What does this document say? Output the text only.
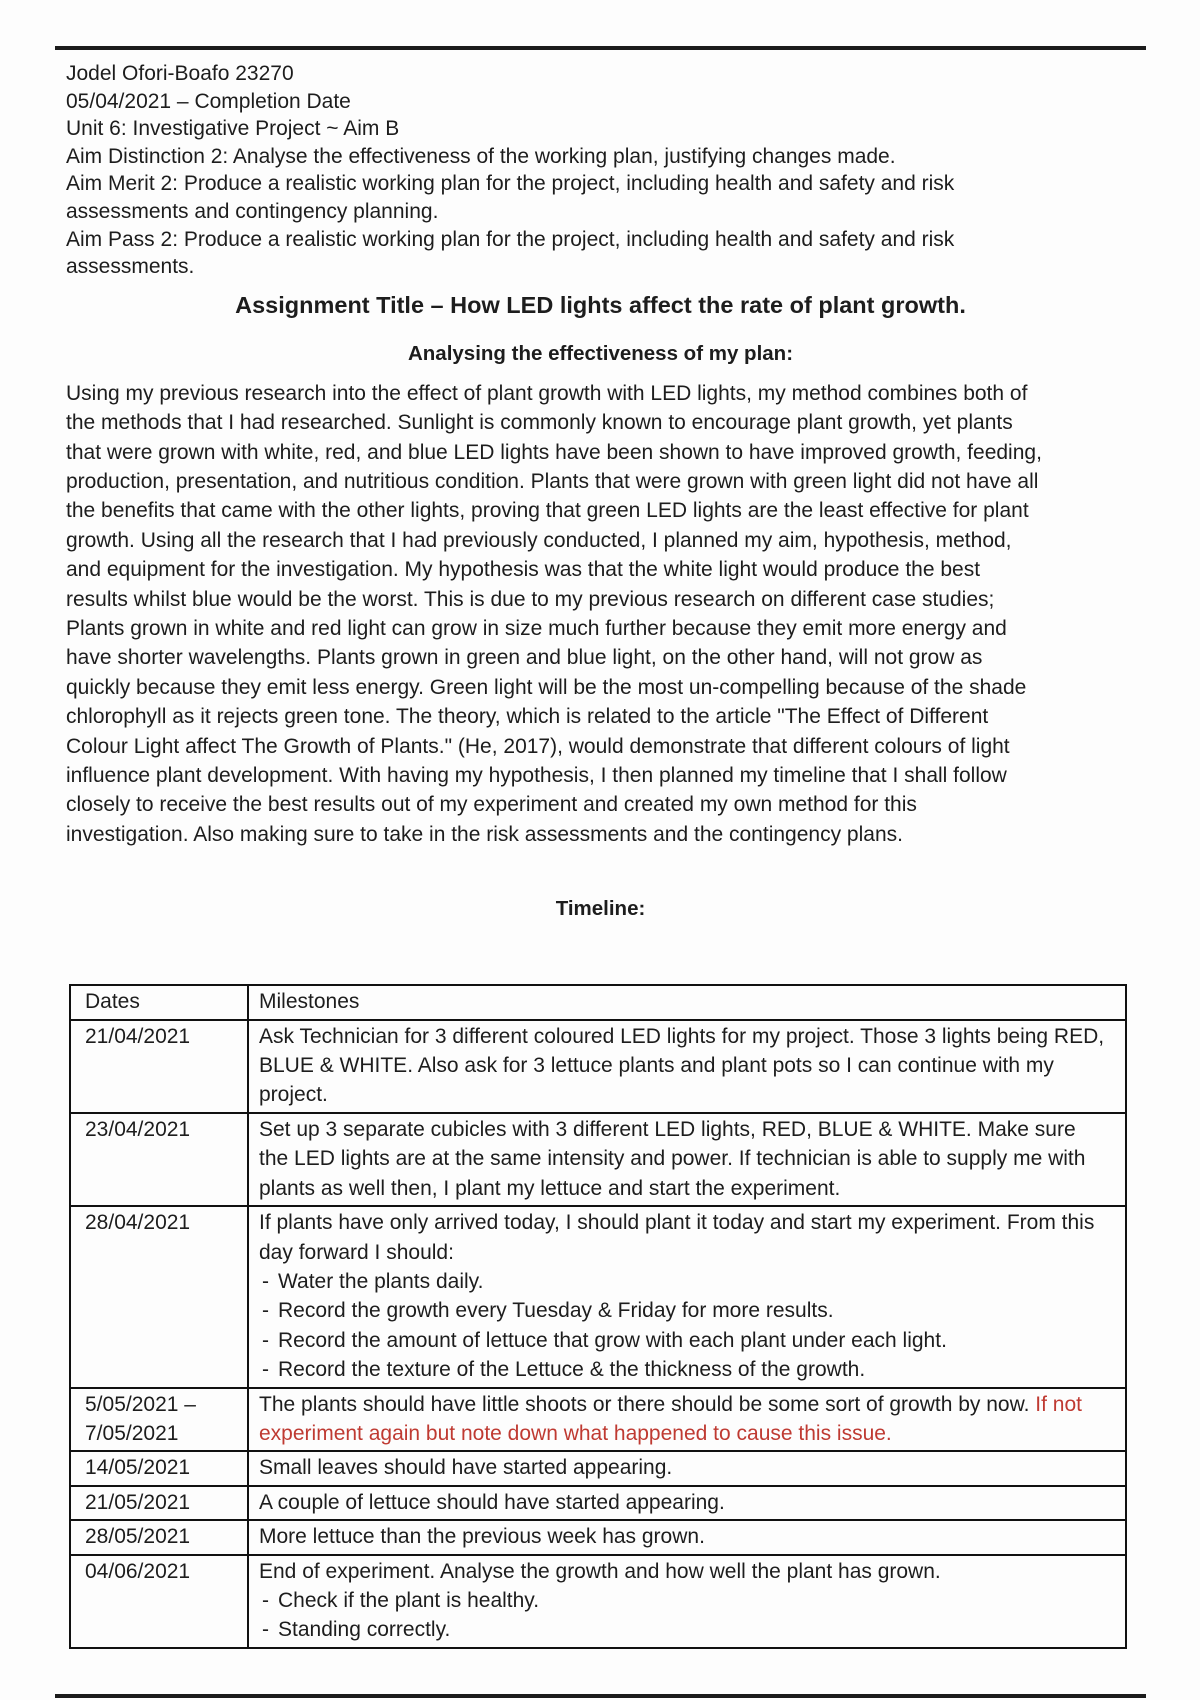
Jodel Ofori-Boafo 23270
05/04/2021 – Completion Date
Unit 6: Investigative Project ~ Aim B
Aim Distinction 2: Analyse the effectiveness of the working plan, justifying changes made.
Aim Merit 2: Produce a realistic working plan for the project, including health and safety and risk assessments and contingency planning.
Aim Pass 2: Produce a realistic working plan for the project, including health and safety and risk assessments.
Assignment Title – How LED lights affect the rate of plant growth.
Analysing the effectiveness of my plan:
Using my previous research into the effect of plant growth with LED lights, my method combines both of the methods that I had researched. Sunlight is commonly known to encourage plant growth, yet plants that were grown with white, red, and blue LED lights have been shown to have improved growth, feeding, production, presentation, and nutritious condition. Plants that were grown with green light did not have all the benefits that came with the other lights, proving that green LED lights are the least effective for plant growth. Using all the research that I had previously conducted, I planned my aim, hypothesis, method, and equipment for the investigation. My hypothesis was that the white light would produce the best results whilst blue would be the worst. This is due to my previous research on different case studies; Plants grown in white and red light can grow in size much further because they emit more energy and have shorter wavelengths. Plants grown in green and blue light, on the other hand, will not grow as quickly because they emit less energy. Green light will be the most un-compelling because of the shade chlorophyll as it rejects green tone. The theory, which is related to the article "The Effect of Different Colour Light affect The Growth of Plants." (He, 2017), would demonstrate that different colours of light influence plant development. With having my hypothesis, I then planned my timeline that I shall follow closely to receive the best results out of my experiment and created my own method for this investigation. Also making sure to take in the risk assessments and the contingency plans.
Timeline:
Dates	Milestones
21/04/2021	Ask Technician for 3 different coloured LED lights for my project. Those 3 lights being RED, BLUE & WHITE. Also ask for 3 lettuce plants and plant pots so I can continue with my project.
23/04/2021	Set up 3 separate cubicles with 3 different LED lights, RED, BLUE & WHITE. Make sure the LED lights are at the same intensity and power. If technician is able to supply me with plants as well then, I plant my lettuce and start the experiment.
28/04/2021	If plants have only arrived today, I should plant it today and start my experiment. From this day forward I should:
- Water the plants daily.
- Record the growth every Tuesday & Friday for more results.
- Record the amount of lettuce that grow with each plant under each light.
- Record the texture of the Lettuce & the thickness of the growth.

5/05/2021 – 7/05/2021	The plants should have little shoots or there should be some sort of growth by now. If not experiment again but note down what happened to cause this issue.
14/05/2021	Small leaves should have started appearing.
21/05/2021	A couple of lettuce should have started appearing.
28/05/2021	More lettuce than the previous week has grown.
04/06/2021	End of experiment. Analyse the growth and how well the plant has grown.
- Check if the plant is healthy.
- Standing correctly.
